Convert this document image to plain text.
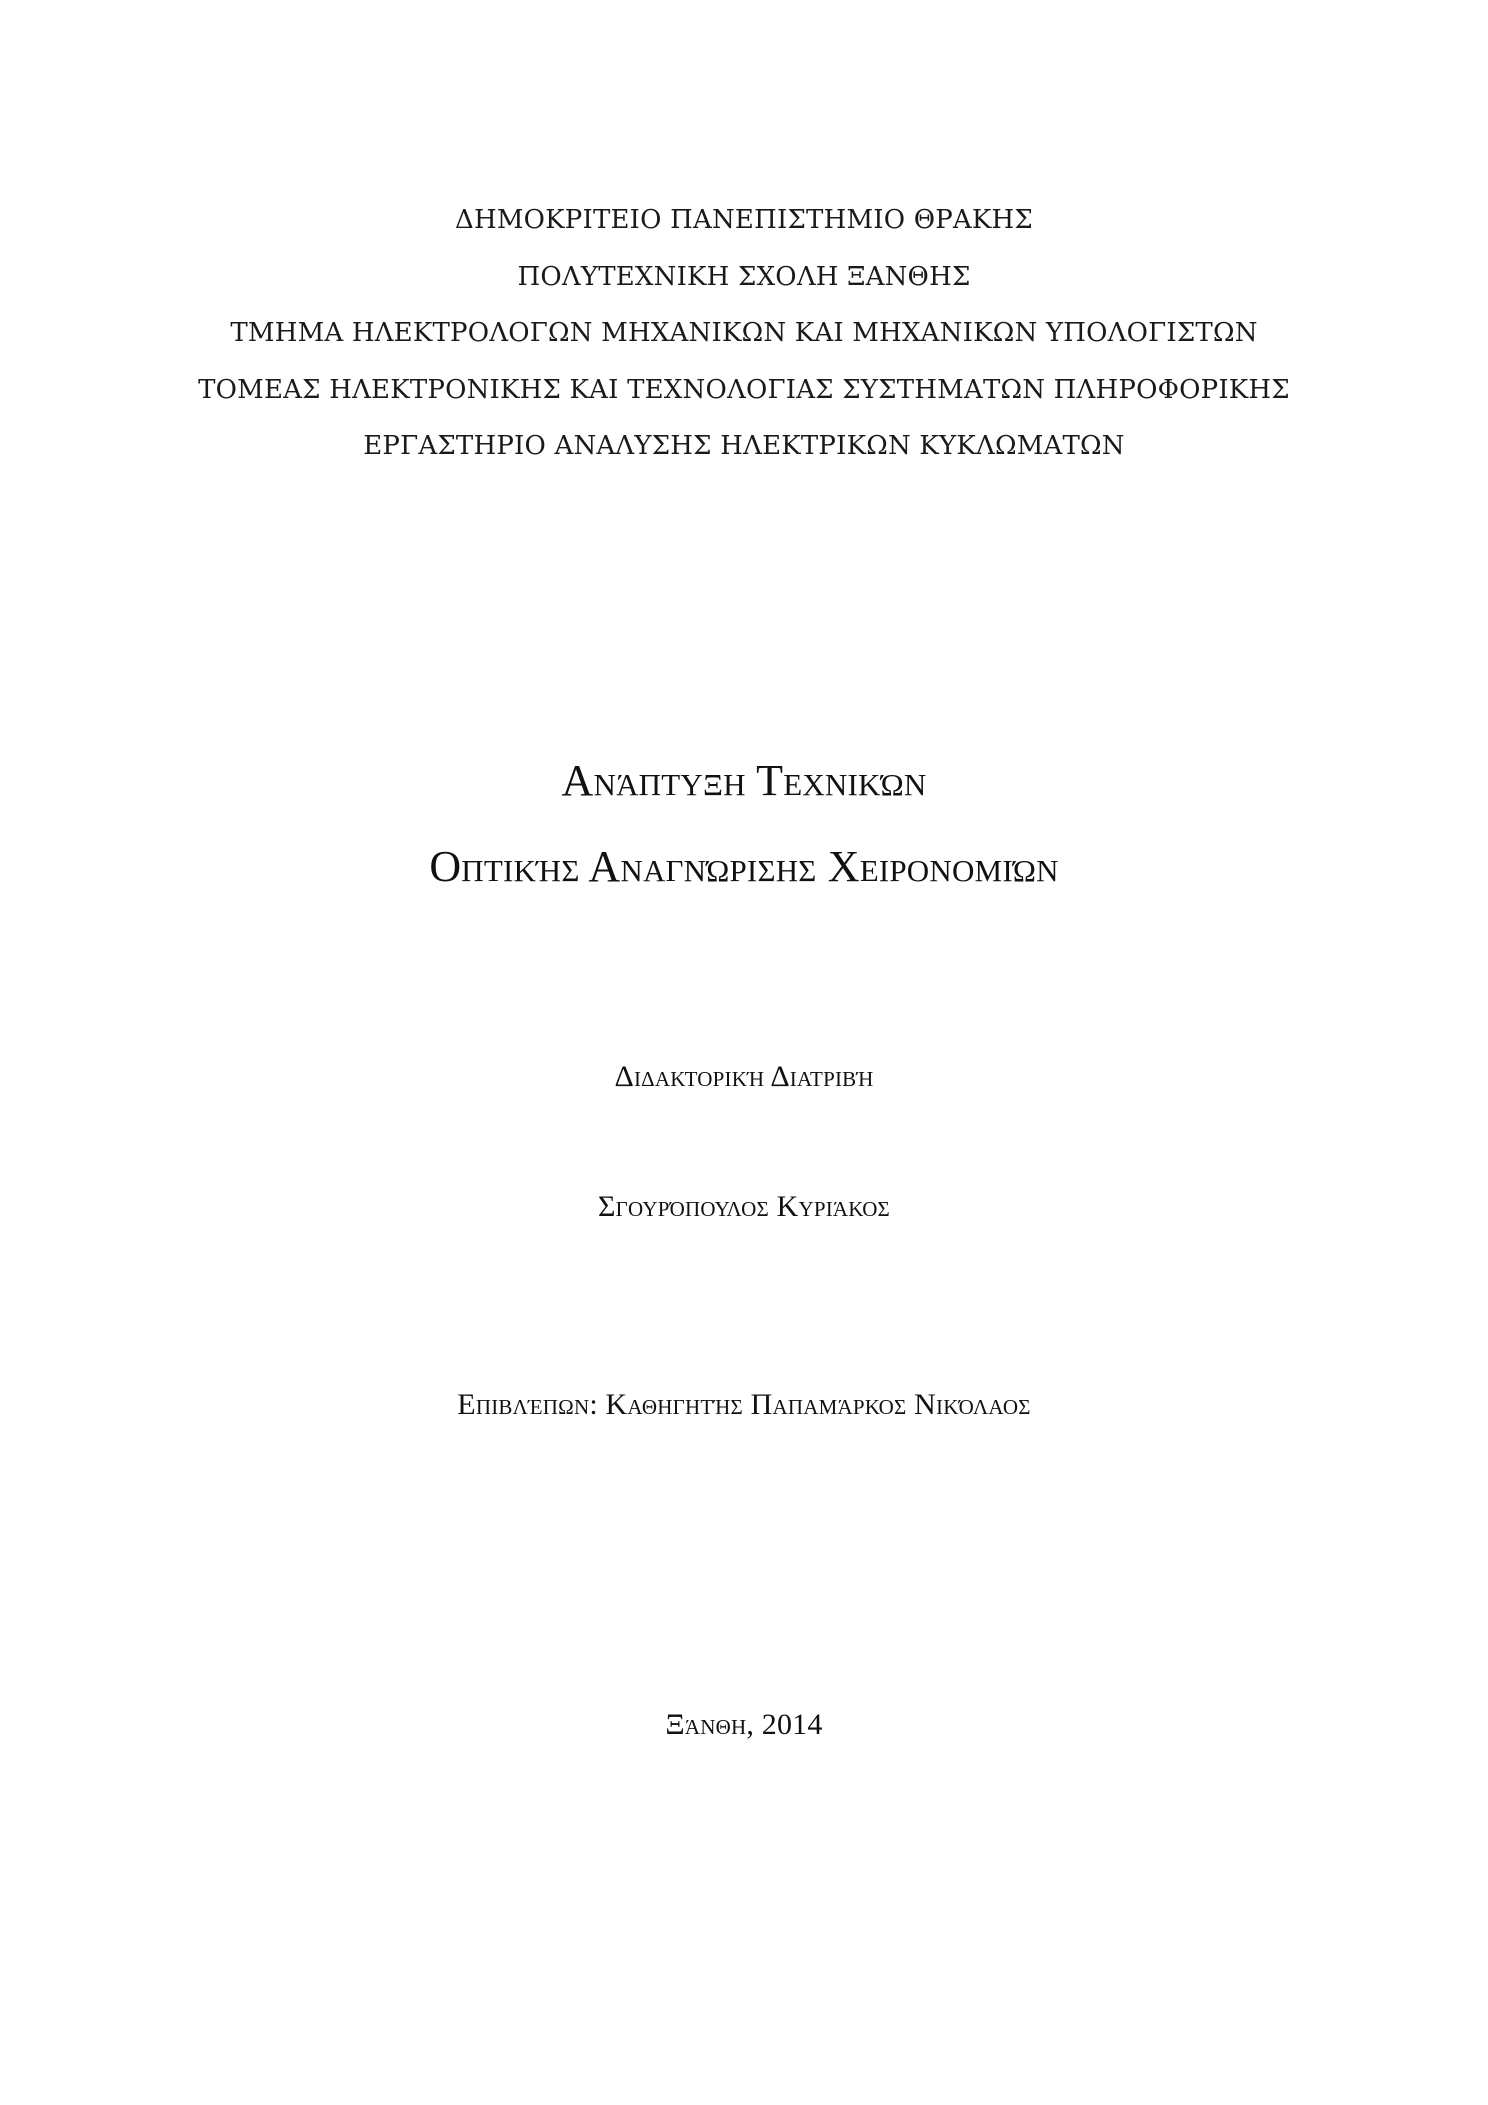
ΔΗΜΟΚΡΙΤΕΙΟ ΠΑΝΕΠΙΣΤΗΜΙΟ ΘΡΑΚΗΣ
ΠΟΛΥΤΕΧΝΙΚΗ ΣΧΟΛΗ ΞΑΝΘΗΣ
ΤΜΗΜΑ ΗΛΕΚΤΡΟΛΟΓΩΝ ΜΗΧΑΝΙΚΩΝ ΚΑΙ ΜΗΧΑΝΙΚΩΝ ΥΠΟΛΟΓΙΣΤΩΝ
ΤΟΜΕΑΣ ΗΛΕΚΤΡΟΝΙΚΗΣ ΚΑΙ ΤΕΧΝΟΛΟΓΙΑΣ ΣΥΣΤΗΜΑΤΩΝ ΠΛΗΡΟΦΟΡΙΚΗΣ
ΕΡΓΑΣΤΗΡΙΟ ΑΝΑΛΥΣΗΣ ΗΛΕΚΤΡΙΚΩΝ ΚΥΚΛΩΜΑΤΩΝ
Ανάπτυξη Τεχνικών
Οπτικής Αναγνώρισης Χειρονομιών
Διδακτορική Διατριβή
Σγουρόπουλος Κυριάκος
Επιβλέπων: Καθηγητής Παπαμάρκος Νικόλαος
Ξάνθη, 2014
